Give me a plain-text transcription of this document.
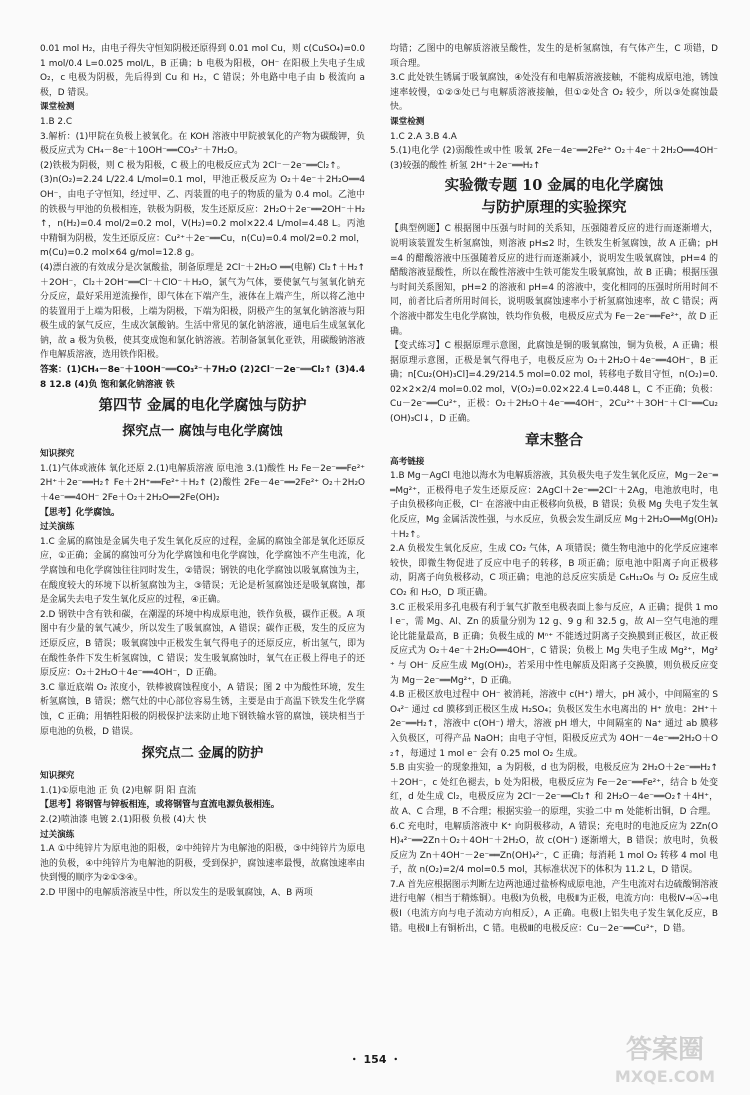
0.01 mol H₂，由电子得失守恒知阴极还原得到 0.01 mol Cu，则 c(CuSO₄)=0.01 mol/0.4 L=0.025 mol/L，B 正确；b 电极为阳极，OH⁻ 在阳极上失电子生成 O₂，c 电极为阴极，先后得到 Cu 和 H₂，C 错误；外电路中电子由 b 极流向 a 极，D 错误。

课堂检测

1.B 2.C

3.解析：(1)甲院在负极上被氧化。在 KOH 溶液中甲院被氧化的产物为碳酸钾，负极反应式为 CH₄－8e⁻＋10OH⁻══CO₃²⁻＋7H₂O。

(2)铁极为阴极，则 C 极为阳极，C 极上的电极反应式为 2Cl⁻－2e⁻══Cl₂↑。

(3)n(O₂)=2.24 L/22.4 L/mol=0.1 mol，甲池正极反应为 O₂＋4e⁻＋2H₂O══4OH⁻，由电子守恒知，经过甲、乙、丙装置的电子的物质的量为 0.4 mol。乙池中的铁极与甲池的负极相连，铁极为阴极，发生还原反应：2H₂O＋2e⁻══2OH⁻＋H₂↑，n(H₂)=0.4 mol/2=0.2 mol，V(H₂)=0.2 mol×22.4 L/mol=4.48 L。丙池中精铜为阴极，发生还原反应：Cu²⁺＋2e⁻══Cu，n(Cu)=0.4 mol/2=0.2 mol，m(Cu)=0.2 mol×64 g/mol=12.8 g。

(4)漂白液的有效成分是次氯酸盐，制备原理是 2Cl⁻＋2H₂O ══(电解) Cl₂↑＋H₂↑＋2OH⁻，Cl₂＋2OH⁻══Cl⁻＋ClO⁻＋H₂O，氯气为气体，要使氯气与氢氧化钠充分反应，最好采用逆流操作，即气体在下端产生，液体在上端产生，所以将乙池中的装置用于上端为阳极，上端为阴极，下端为阳极，阴极产生的氢氧化钠溶液与阳极生成的氯气反应，生成次氯酸钠。生活中常见的氯化钠溶液，通电后生成氢氧化钠，故 a 极为负极，使其变成饱和氯化钠溶液。若制备氯氧化亚铁，用碳酸钠溶液作电解质溶液，选用铁作阳极。

答案：(1)CH₄－8e⁻＋10OH⁻══CO₃²⁻＋7H₂O (2)2Cl⁻－2e⁻══Cl₂↑ (3)4.48 12.8 (4)负 饱和氯化钠溶液 铁

第四节 金属的电化学腐蚀与防护
探究点一 腐蚀与电化学腐蚀
知识探究

1.(1)气体或液体 氧化还原 2.(1)电解质溶液 原电池 3.(1)酸性 H₂ Fe－2e⁻══Fe²⁺ 2H⁺＋2e⁻══H₂↑ Fe＋2H⁺══Fe²⁺＋H₂↑ (2)酸性 2Fe－4e⁻══2Fe²⁺ O₂＋2H₂O＋4e⁻══4OH⁻ 2Fe＋O₂＋2H₂O══2Fe(OH)₂

【思考】化学腐蚀。

过关演练

1.C 金属的腐蚀是金属失电子发生氧化反应的过程，金属的腐蚀全部是氧化还原反应，①正确；金属的腐蚀可分为化学腐蚀和电化学腐蚀，化学腐蚀不产生电流，化学腐蚀和电化学腐蚀往往同时发生，②错误；钢铁的电化学腐蚀以吸氧腐蚀为主，在酸度较大的环境下以析氢腐蚀为主，③错误；无论是析氢腐蚀还是吸氧腐蚀，都是金属失去电子发生氧化反应的过程，④正确。

2.D 钢铁中含有铁和碳，在潮湿的环境中构成原电池，铁作负极，碳作正极。A 项图中有少量的氧气减少，所以发生了吸氧腐蚀，A 错误；碳作正极，发生的反应为还原反应，B 错误；吸氧腐蚀中正极发生氧气得电子的还原反应，析出氢气，即为在酸性条件下发生析氢腐蚀，C 错误；发生吸氧腐蚀时，氧气在正极上得电子的还原反应：O₂＋2H₂O＋4e⁻══4OH⁻，D 正确。

3.C 靠近底端 O₂ 浓度小，铁棒被腐蚀程度小，A 错误；图 2 中为酸性环境，发生析氢腐蚀，B 错误；燃气灶的中心部位容易生锈，主要是由于高温下铁发生化学腐蚀，C 正确；用牺牲阳极的阴极保护法来防止地下钢铁输水管的腐蚀，镁块相当于原电池的负极，D 错误。

探究点二 金属的防护
知识探究

1.(1)①原电池 正 负 (2)电解 阴 阳 直流

【思考】将钢管与锌板相连，或将钢管与直流电源负极相连。

2.(2)喷油漆 电镀 2.(1)阳极 负极 (4)大 快

过关演练

1.A ①中纯锌片为原电池的阳极，②中纯锌片为电解池的阳极，③中纯锌片为原电池的负极，④中纯锌片为电解池的阴极，受到保护，腐蚀速率最慢，故腐蚀速率由快到慢的顺序为②①③④。

2.D 甲图中的电解质溶液呈中性，所以发生的是吸氧腐蚀，A、B 两项

均错；乙图中的电解质溶液呈酸性，发生的是析氢腐蚀，有气体产生，C 项错，D 项合理。

3.C 此处铁生锈属于吸氧腐蚀，④处没有和电解质溶液接触，不能构成原电池，锈蚀速率较慢，①②③处已与电解质溶液接触，但①②处含 O₂ 较少，所以③处腐蚀最快。

课堂检测

1.C 2.A 3.B 4.A

5.(1)电化学 (2)弱酸性或中性 吸氧 2Fe－4e⁻══2Fe²⁺ O₂＋4e⁻＋2H₂O══4OH⁻ (3)较强的酸性 析氢 2H⁺＋2e⁻══H₂↑

实验微专题 10 金属的电化学腐蚀
与防护原理的实验探究

【典型例题】C 根据图中压强与时间的关系知，压强随着反应的进行而逐渐增大，说明该装置发生析氢腐蚀，则溶液 pH≤2 时，生铁发生析氢腐蚀，故 A 正确；pH=4 的醋酸溶液中压强随着反应的进行而逐渐减小，说明发生吸氧腐蚀，pH=4 的醋酸溶液显酸性，所以在酸性溶液中生铁可能发生吸氧腐蚀，故 B 正确；根据压强与时间关系图知，pH=2 的溶液和 pH=4 的溶液中，变化相同的压强时所用时间不同，前者比后者所用时间长，说明吸氧腐蚀速率小于析氢腐蚀速率，故 C 错误；两个溶液中都发生电化学腐蚀，铁均作负极，电极反应式为 Fe－2e⁻══Fe²⁺，故 D 正确。

【变式练习】C 根据原理示意图，此腐蚀是铜的吸氧腐蚀，铜为负极，A 正确；根据原理示意图，正极是氧气得电子，电极反应为 O₂＋2H₂O＋4e⁻══4OH⁻，B 正确；n[Cu₂(OH)₃Cl]=4.29/214.5 mol=0.02 mol，转移电子数目守恒，n(O₂)=0.02×2×2/4 mol=0.02 mol，V(O₂)=0.02×22.4 L=0.448 L，C 不正确；负极：Cu－2e⁻══Cu²⁺，正极：O₂＋2H₂O＋4e⁻══4OH⁻，2Cu²⁺＋3OH⁻＋Cl⁻══Cu₂(OH)₃Cl↓，D 正确。

章末整合
高考链接

1.B Mg－AgCl 电池以海水为电解质溶液，其负极失电子发生氧化反应，Mg－2e⁻══Mg²⁺，正极得电子发生还原反应：2AgCl＋2e⁻══2Cl⁻＋2Ag，电池放电时，电子由负极移向正极，Cl⁻ 在溶液中由正极移向负极，B 错误；负极 Mg 失电子发生氧化反应，Mg 金属活泼性强，与水反应，负极会发生副反应 Mg＋2H₂O══Mg(OH)₂＋H₂↑。

2.A 负极发生氧化反应，生成 CO₂ 气体，A 项错误；微生物电池中的化学反应速率较快，即微生物促进了反应中电子的转移，B 项正确；原电池中阳离子向正极移动，阴离子向负极移动，C 项正确；电池的总反应实质是 C₆H₁₂O₆ 与 O₂ 反应生成 CO₂ 和 H₂O，D 项正确。

3.C 正极采用多孔电极有利于氧气扩散至电极表面上参与反应，A 正确；提供 1 mol e⁻，需 Mg、Al、Zn 的质量分别为 12 g、9 g 和 32.5 g，故 Al－空气电池的理论比能量最高，B 正确；负极生成的 Mⁿ⁺ 不能透过阴离子交换膜到正极区，故正极反应式为 O₂＋4e⁻＋2H₂O══4OH⁻，C 错误；负极上 Mg 失电子生成 Mg²⁺，Mg²⁺ 与 OH⁻ 反应生成 Mg(OH)₂，若采用中性电解质及阳离子交换膜，则负极反应变为 Mg－2e⁻══Mg²⁺，D 正确。

4.B 正极区放电过程中 OH⁻ 被消耗，溶液中 c(H⁺) 增大，pH 减小，中间隔室的 SO₄²⁻ 通过 cd 膜移到正极区生成 H₂SO₄；负极区发生水电离出的 H⁺ 放电：2H⁺＋2e⁻══H₂↑，溶液中 c(OH⁻) 增大，溶液 pH 增大，中间隔室的 Na⁺ 通过 ab 膜移入负极区，可得产品 NaOH；由电子守恒，阳极反应式为 4OH⁻－4e⁻══2H₂O＋O₂↑，每通过 1 mol e⁻ 会有 0.25 mol O₂ 生成。

5.B 由实验一的现象推知，a 为阴极，d 也为阴极，电极反应为 2H₂O＋2e⁻══H₂↑＋2OH⁻，c 处红色褪去，b 处为阳极，电极反应为 Fe－2e⁻══Fe²⁺，结合 b 处变红，d 处生成 Cl₂，电极反应为 2Cl⁻－2e⁻══Cl₂↑ 和 2H₂O－4e⁻══O₂↑＋4H⁺，故 A、C 合理，B 不合理；根据实验一的原理，实验二中 m 处能析出铜，D 合理。

6.C 充电时，电解质溶液中 K⁺ 向阴极移动，A 错误；充电时的电池反应为 2Zn(OH)₄²⁻══2Zn＋O₂＋4OH⁻＋2H₂O，故 c(OH⁻) 逐渐增大，B 错误；放电时，负极反应为 Zn＋4OH⁻－2e⁻══Zn(OH)₄²⁻，C 正确；每消耗 1 mol O₂ 转移 4 mol 电子，故 n(O₂)=2/4 mol=0.5 mol，其标准状况下的体积为 11.2 L，D 错误。

7.A 首先应根据图示判断左边两池通过盐桥构成原电池，产生电流对右边硫酸铜溶液进行电解（相当于精炼铜）。电极Ⅰ为负极，电极Ⅱ为正极，电流方向：电极Ⅳ→Ⓐ→电极Ⅰ（电流方向与电子流动方向相反），A 正确。电极Ⅰ上铝失电子发生氧化反应，B 错。电极Ⅱ上有铜析出，C 错。电极Ⅲ的电极反应：Cu－2e⁻══Cu²⁺，D 错。

・ 154 ・	答案圈
MXQE.COM
